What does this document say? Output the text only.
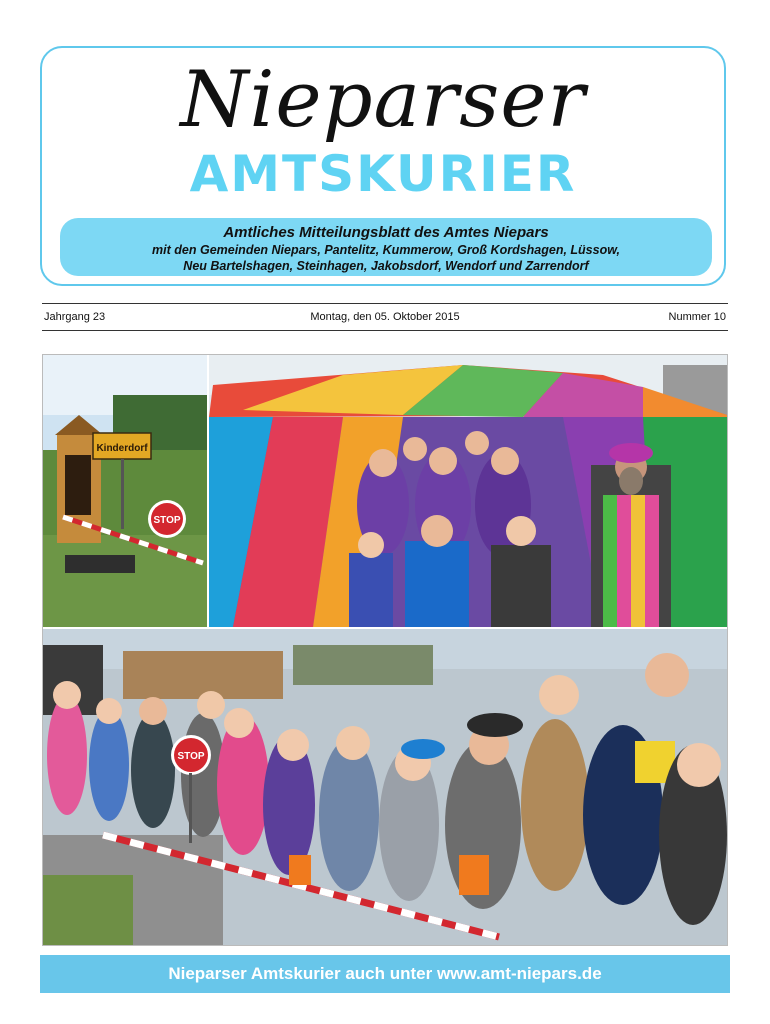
Nieparser
AMTSKURIER
Amtliches Mitteilungsblatt des Amtes Niepars
mit den Gemeinden Niepars, Pantelitz, Kummerow, Groß Kordshagen, Lüssow,
Neu Bartelshagen, Steinhagen, Jakobsdorf, Wendorf und Zarrendorf
Jahrgang 23	Montag, den 05. Oktober 2015	Nummer 10
Kinderdorf
STOP
STOP
Nieparser Amtskurier auch unter www.amt-niepars.de
